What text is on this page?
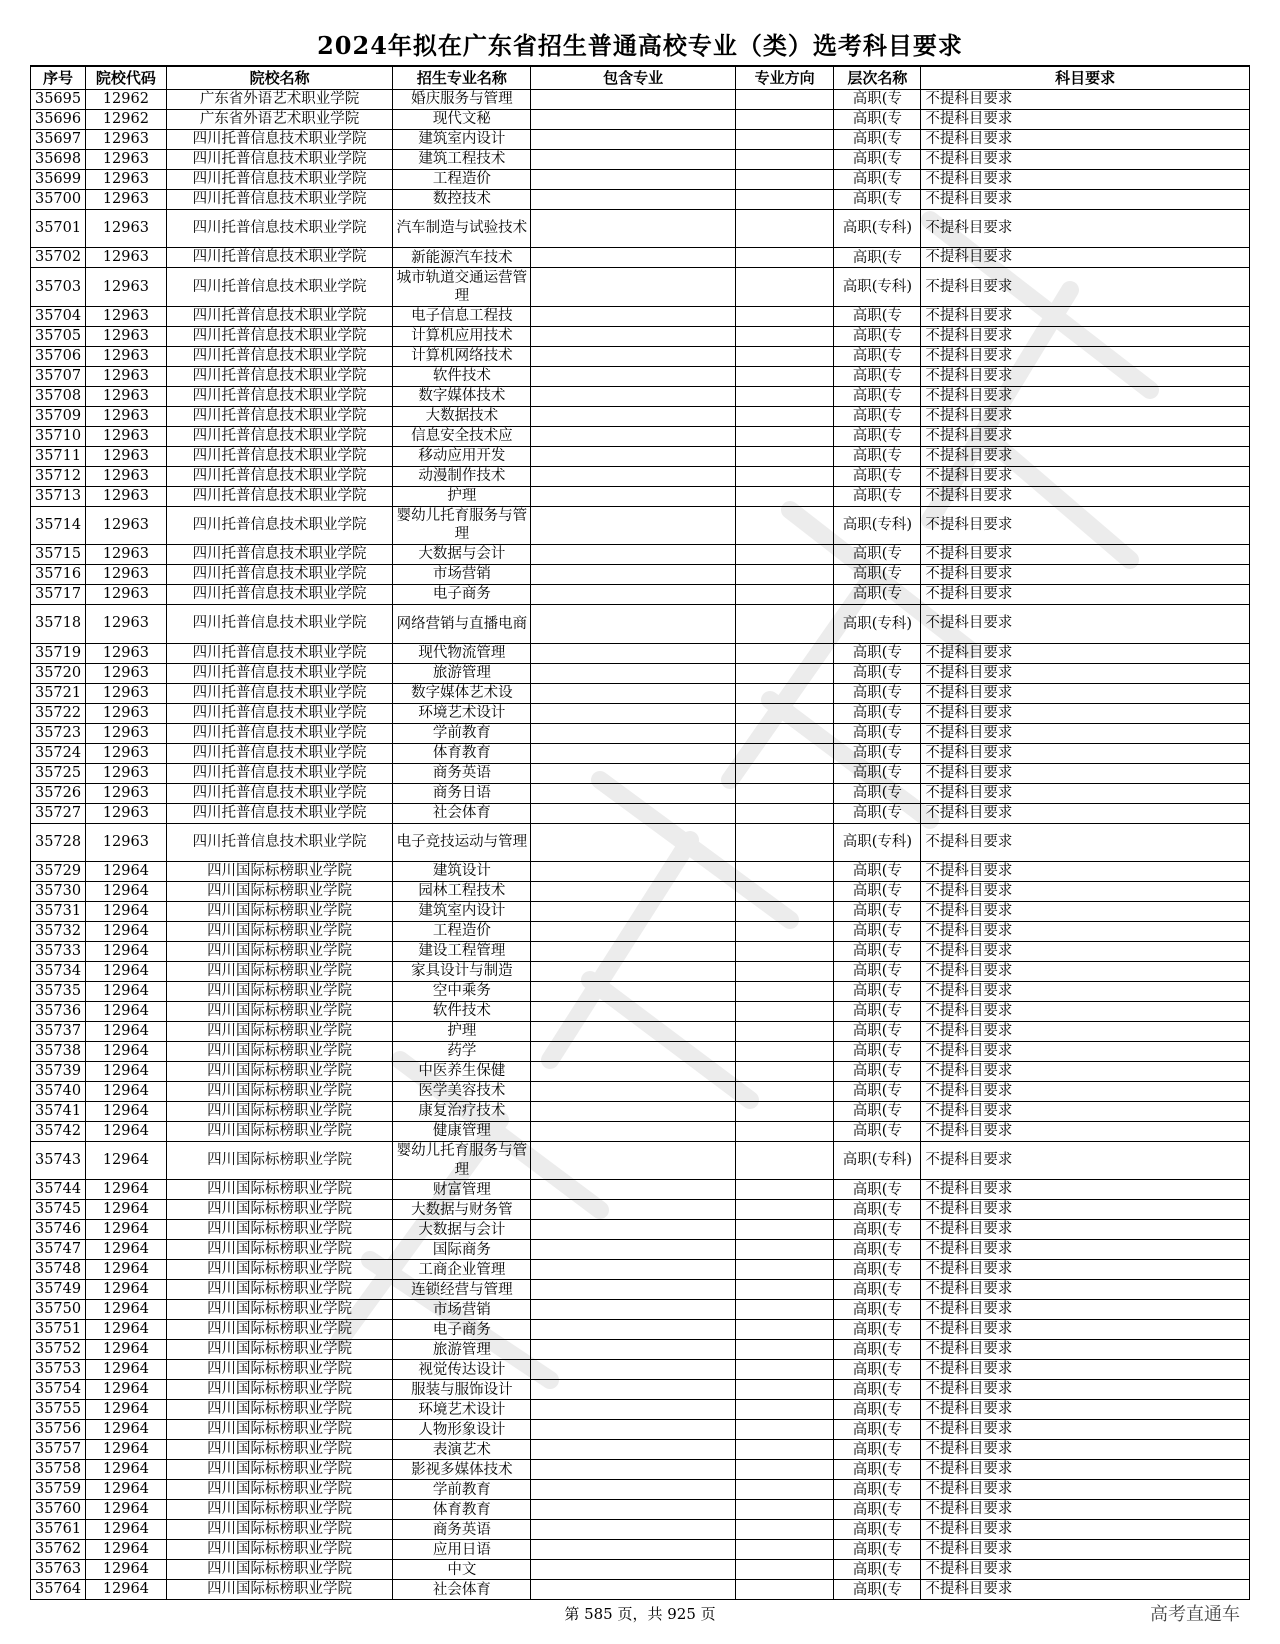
2024年拟在广东省招生普通高校专业（类）选考科目要求
序号	院校代码	院校名称	招生专业名称	包含专业	专业方向	层次名称	科目要求
35695	12962	广东省外语艺术职业学院	婚庆服务与管理			高职(专	不提科目要求
35696	12962	广东省外语艺术职业学院	现代文秘			高职(专	不提科目要求
35697	12963	四川托普信息技术职业学院	建筑室内设计			高职(专	不提科目要求
35698	12963	四川托普信息技术职业学院	建筑工程技术			高职(专	不提科目要求
35699	12963	四川托普信息技术职业学院	工程造价			高职(专	不提科目要求
35700	12963	四川托普信息技术职业学院	数控技术			高职(专	不提科目要求
35701	12963	四川托普信息技术职业学院	汽车制造与试验技术			高职(专科)	不提科目要求
35702	12963	四川托普信息技术职业学院	新能源汽车技术			高职(专	不提科目要求
35703	12963	四川托普信息技术职业学院	城市轨道交通运营管理			高职(专科)	不提科目要求
35704	12963	四川托普信息技术职业学院	电子信息工程技			高职(专	不提科目要求
35705	12963	四川托普信息技术职业学院	计算机应用技术			高职(专	不提科目要求
35706	12963	四川托普信息技术职业学院	计算机网络技术			高职(专	不提科目要求
35707	12963	四川托普信息技术职业学院	软件技术			高职(专	不提科目要求
35708	12963	四川托普信息技术职业学院	数字媒体技术			高职(专	不提科目要求
35709	12963	四川托普信息技术职业学院	大数据技术			高职(专	不提科目要求
35710	12963	四川托普信息技术职业学院	信息安全技术应			高职(专	不提科目要求
35711	12963	四川托普信息技术职业学院	移动应用开发			高职(专	不提科目要求
35712	12963	四川托普信息技术职业学院	动漫制作技术			高职(专	不提科目要求
35713	12963	四川托普信息技术职业学院	护理			高职(专	不提科目要求
35714	12963	四川托普信息技术职业学院	婴幼儿托育服务与管理			高职(专科)	不提科目要求
35715	12963	四川托普信息技术职业学院	大数据与会计			高职(专	不提科目要求
35716	12963	四川托普信息技术职业学院	市场营销			高职(专	不提科目要求
35717	12963	四川托普信息技术职业学院	电子商务			高职(专	不提科目要求
35718	12963	四川托普信息技术职业学院	网络营销与直播电商			高职(专科)	不提科目要求
35719	12963	四川托普信息技术职业学院	现代物流管理			高职(专	不提科目要求
35720	12963	四川托普信息技术职业学院	旅游管理			高职(专	不提科目要求
35721	12963	四川托普信息技术职业学院	数字媒体艺术设			高职(专	不提科目要求
35722	12963	四川托普信息技术职业学院	环境艺术设计			高职(专	不提科目要求
35723	12963	四川托普信息技术职业学院	学前教育			高职(专	不提科目要求
35724	12963	四川托普信息技术职业学院	体育教育			高职(专	不提科目要求
35725	12963	四川托普信息技术职业学院	商务英语			高职(专	不提科目要求
35726	12963	四川托普信息技术职业学院	商务日语			高职(专	不提科目要求
35727	12963	四川托普信息技术职业学院	社会体育			高职(专	不提科目要求
35728	12963	四川托普信息技术职业学院	电子竞技运动与管理			高职(专科)	不提科目要求
35729	12964	四川国际标榜职业学院	建筑设计			高职(专	不提科目要求
35730	12964	四川国际标榜职业学院	园林工程技术			高职(专	不提科目要求
35731	12964	四川国际标榜职业学院	建筑室内设计			高职(专	不提科目要求
35732	12964	四川国际标榜职业学院	工程造价			高职(专	不提科目要求
35733	12964	四川国际标榜职业学院	建设工程管理			高职(专	不提科目要求
35734	12964	四川国际标榜职业学院	家具设计与制造			高职(专	不提科目要求
35735	12964	四川国际标榜职业学院	空中乘务			高职(专	不提科目要求
35736	12964	四川国际标榜职业学院	软件技术			高职(专	不提科目要求
35737	12964	四川国际标榜职业学院	护理			高职(专	不提科目要求
35738	12964	四川国际标榜职业学院	药学			高职(专	不提科目要求
35739	12964	四川国际标榜职业学院	中医养生保健			高职(专	不提科目要求
35740	12964	四川国际标榜职业学院	医学美容技术			高职(专	不提科目要求
35741	12964	四川国际标榜职业学院	康复治疗技术			高职(专	不提科目要求
35742	12964	四川国际标榜职业学院	健康管理			高职(专	不提科目要求
35743	12964	四川国际标榜职业学院	婴幼儿托育服务与管理			高职(专科)	不提科目要求
35744	12964	四川国际标榜职业学院	财富管理			高职(专	不提科目要求
35745	12964	四川国际标榜职业学院	大数据与财务管			高职(专	不提科目要求
35746	12964	四川国际标榜职业学院	大数据与会计			高职(专	不提科目要求
35747	12964	四川国际标榜职业学院	国际商务			高职(专	不提科目要求
35748	12964	四川国际标榜职业学院	工商企业管理			高职(专	不提科目要求
35749	12964	四川国际标榜职业学院	连锁经营与管理			高职(专	不提科目要求
35750	12964	四川国际标榜职业学院	市场营销			高职(专	不提科目要求
35751	12964	四川国际标榜职业学院	电子商务			高职(专	不提科目要求
35752	12964	四川国际标榜职业学院	旅游管理			高职(专	不提科目要求
35753	12964	四川国际标榜职业学院	视觉传达设计			高职(专	不提科目要求
35754	12964	四川国际标榜职业学院	服装与服饰设计			高职(专	不提科目要求
35755	12964	四川国际标榜职业学院	环境艺术设计			高职(专	不提科目要求
35756	12964	四川国际标榜职业学院	人物形象设计			高职(专	不提科目要求
35757	12964	四川国际标榜职业学院	表演艺术			高职(专	不提科目要求
35758	12964	四川国际标榜职业学院	影视多媒体技术			高职(专	不提科目要求
35759	12964	四川国际标榜职业学院	学前教育			高职(专	不提科目要求
35760	12964	四川国际标榜职业学院	体育教育			高职(专	不提科目要求
35761	12964	四川国际标榜职业学院	商务英语			高职(专	不提科目要求
35762	12964	四川国际标榜职业学院	应用日语			高职(专	不提科目要求
35763	12964	四川国际标榜职业学院	中文			高职(专	不提科目要求
35764	12964	四川国际标榜职业学院	社会体育			高职(专	不提科目要求
第 585 页，共 925 页	高考直通车
